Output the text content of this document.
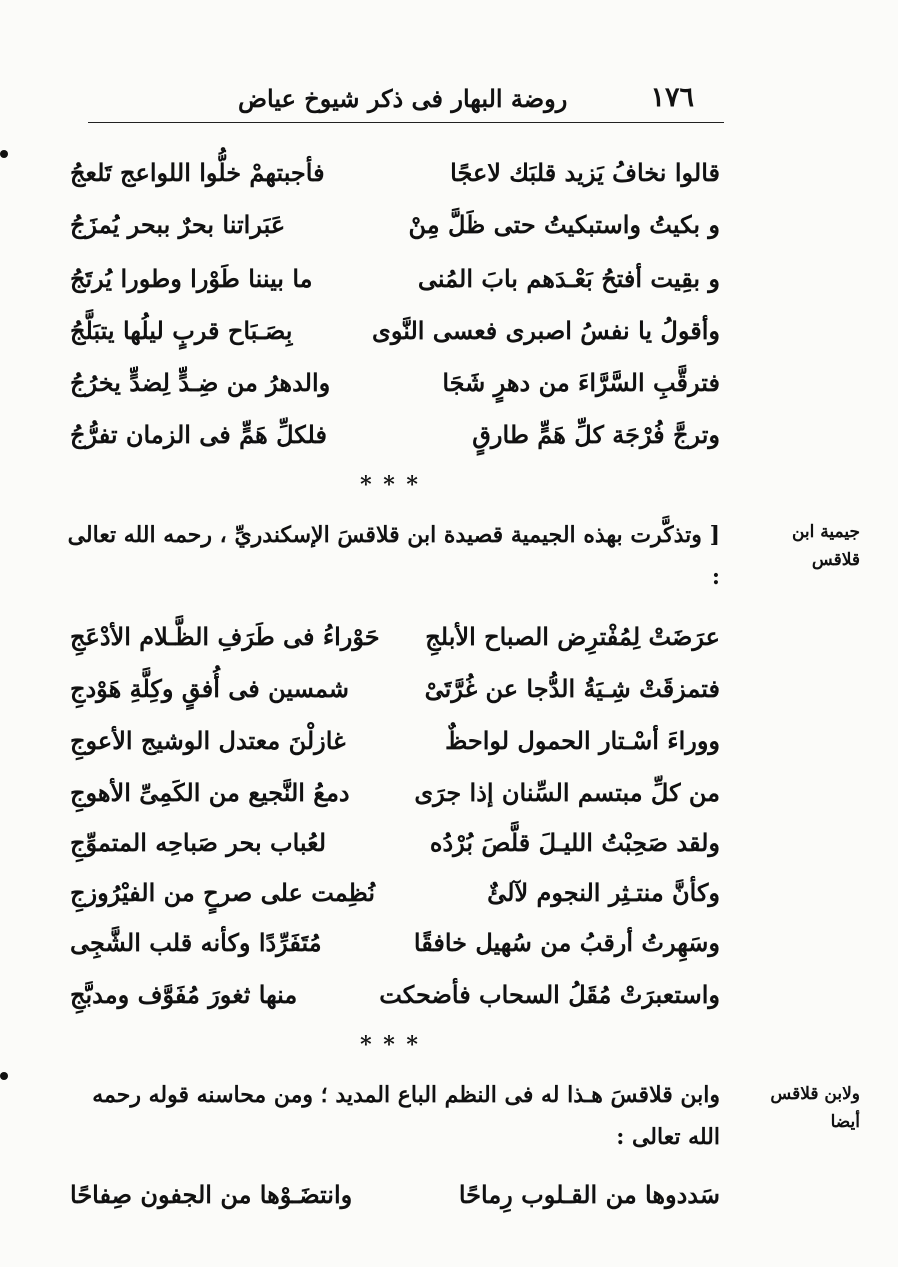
١٧٦
روضة البهار فى ذكر شيوخ عياض
قالوا نخافُ يَزيد قلبَك لاعجًا
فأجبتهمْ خلُّوا اللواعج تَلعجُ
و بكيتُ واستبكيتُ حتى ظَلَّ مِنْ
عَبَراتنا بحرٌ ببحر يُمزَجُ
و بقِيت أفتحُ بَعْـدَهم بابَ المُنى
ما بيننا طَوْرا وطورا يُرتَجُ
وأقولُ يا نفسُ اصبرى فعسى النَّوى
بِصَـبَاح قربٍ ليلُها يتبَلَّجُ
فترقَّبِ السَّرَّاءَ من دهرٍ شَجَا
والدهرُ من ضِـدٍّ لِضدٍّ يخرُجُ
وترجَّ فُرْجَة كلِّ هَمٍّ طارقٍ
فلكلِّ هَمٍّ فى الزمان تفرُّجُ
* * *
جيمية ابن قلاقس
[ وتذكَّرت بهذه الجيمية قصيدة ابن قلاقسَ الإسكندريِّ ، رحمه الله تعالى :
عرَضَتْ لِمُفْترِض الصباح الأبلجِ
حَوْراءُ فى طَرَفِ الظَّـلام الأدْعَجِ
فتمزقَتْ شِـيَةُ الدُّجا عن غُرَّتَىْ
شمسين فى أُفقٍ وكِلَّةِ هَوْدجِ
ووراءَ أسْـتار الحمول لواحظٌ
غازلْنَ معتدل الوشيج الأعوجِ
من كلِّ مبتسم السِّنان إذا جرَى
دمعُ النَّجيع من الكَمِىِّ الأهوجِ
ولقد صَحِبْتُ الليـلَ قلَّصَ بُرْدُه
لعُباب بحر صَباحِه المتموِّجِ
وكأنَّ منتـثِر النجوم لآلئٌ
نُظِمت على صرحٍ من الفيْرُوزجِ
وسَهِرتُ أرقبُ من سُهيل خافقًا
مُتَفَرِّدًا وكأنه قلب الشَّجِى
واستعبرَتْ مُقَلُ السحاب فأضحكت
منها ثغورَ مُفَوَّف ومدبَّجِ
* * *
ولابن قلاقس أيضا
وابن قلاقسَ هـذا له فى النظم الباع المديد ؛ ومن محاسنه قوله رحمه الله تعالى :
سَددوها من القـلوب رِماحًا
وانتضَـوْها من الجفون صِفاحًا
